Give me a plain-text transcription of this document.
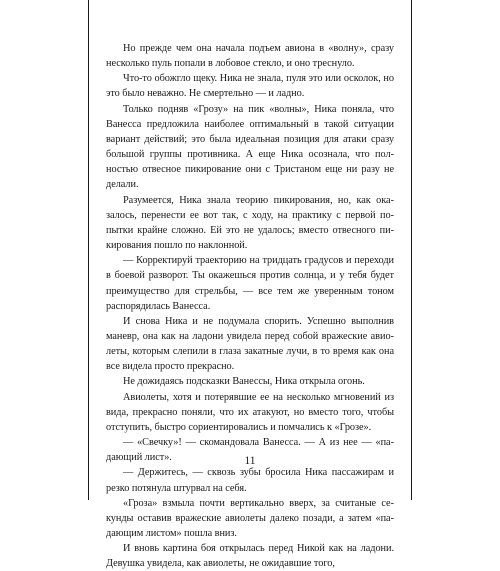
Но прежде чем она начала подъем авиона в «волну», сразу несколько пуль попали в лобовое стекло, и оно треснуло.

Что-то обожгло щеку. Ника не знала, пуля это или осколок, но это было неважно. Не смертельно — и ладно.

Только подняв «Грозу» на пик «волны», Ника поняла, что Ванесса предложила наиболее оптимальный в такой ситуации вариант действий; это была идеальная позиция для атаки сразу большой группы противника. А еще Ника осознала, что полностью отвесное пикирование они с Тристаном еще ни разу не делали.

Разумеется, Ника знала теорию пикирования, но, как оказалось, перенести ее вот так, с ходу, на практику с первой попытки крайне сложно. Ей это не удалось; вместо отвесного пикирования пошло по наклонной.

— Корректируй траекторию на тридцать градусов и переходи в боевой разворот. Ты окажешься против солнца, и у тебя будет преимущество для стрельбы, — все тем же уверенным тоном распорядилась Ванесса.

И снова Ника и не подумала спорить. Успешно выполнив маневр, она как на ладони увидела перед собой вражеские авиолеты, которым слепили в глаза закатные лучи, в то время как она все видела просто прекрасно.

Не дожидаясь подсказки Ванессы, Ника открыла огонь.

Авиолеты, хотя и потерявшие ее на несколько мгновений из вида, прекрасно поняли, что их атакуют, но вместо того, чтобы отступить, быстро сориентировались и помчались к «Грозе».

— «Свечку»! — скомандовала Ванесса. — А из нее — «падающий лист».

— Держитесь, — сквозь зубы бросила Ника пассажирам и резко потянула штурвал на себя.

«Гроза» взмыла почти вертикально вверх, за считаные секунды оставив вражеские авиолеты далеко позади, а затем «падающим листом» пошла вниз.

И вновь картина боя открылась перед Никой как на ладони. Девушка увидела, как авиолеты, не ожидавшие того,

11
